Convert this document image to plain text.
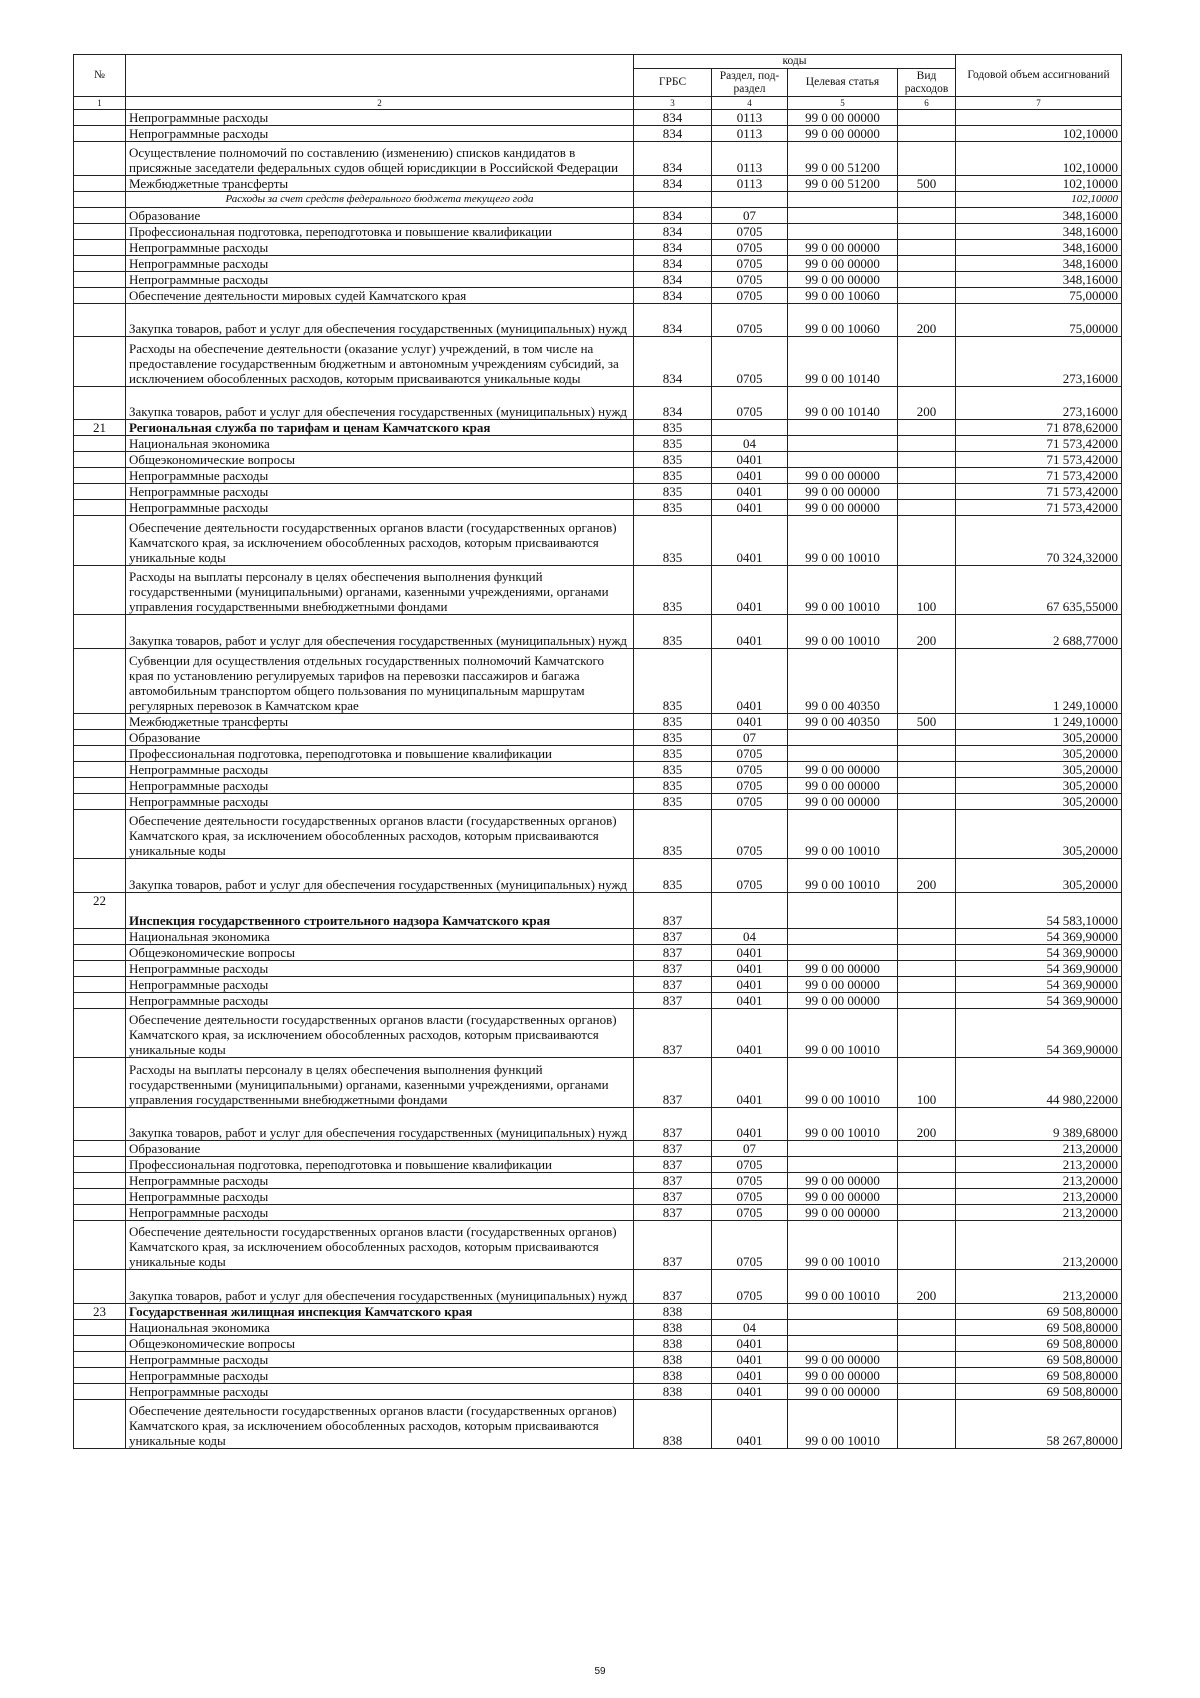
№		коды				Годовой объем ассигнований
		ГРБС	Раздел, под-раздел	Целевая статья	Вид расходов	
1	2	3	4	5	6	7
	Непрограммные расходы	834	0113	99 0 00 00000		
	Непрограммные расходы	834	0113	99 0 00 00000		102,10000
	Осуществление полномочий по составлению (изменению) списков кандидатов в присяжные заседатели федеральных судов общей юрисдикции в Российской Федерации	834	0113	99 0 00 51200		102,10000
	Межбюджетные трансферты	834	0113	99 0 00 51200	500	102,10000
	Расходы за счет средств федерального бюджета текущего года					102,10000
	Образование	834	07			348,16000
	Профессиональная подготовка, переподготовка и повышение квалификации	834	0705			348,16000
	Непрограммные расходы	834	0705	99 0 00 00000		348,16000
	Непрограммные расходы	834	0705	99 0 00 00000		348,16000
	Непрограммные расходы	834	0705	99 0 00 00000		348,16000
	Обеспечение деятельности мировых судей Камчатского края	834	0705	99 0 00 10060		75,00000
	Закупка товаров, работ и услуг для обеспечения государственных (муниципальных) нужд	834	0705	99 0 00 10060	200	75,00000
	Расходы на обеспечение деятельности (оказание услуг) учреждений, в том числе на предоставление государственным бюджетным и автономным учреждениям субсидий, за исключением обособленных расходов, которым присваиваются уникальные коды	834	0705	99 0 00 10140		273,16000
	Закупка товаров, работ и услуг для обеспечения государственных (муниципальных) нужд	834	0705	99 0 00 10140	200	273,16000
21	Региональная служба по тарифам и ценам Камчатского края	835				71 878,62000
	Национальная экономика	835	04			71 573,42000
	Общеэкономические вопросы	835	0401			71 573,42000
	Непрограммные расходы	835	0401	99 0 00 00000		71 573,42000
	Непрограммные расходы	835	0401	99 0 00 00000		71 573,42000
	Непрограммные расходы	835	0401	99 0 00 00000		71 573,42000
	Обеспечение деятельности государственных органов власти (государственных органов) Камчатского края, за исключением обособленных расходов, которым присваиваются уникальные коды	835	0401	99 0 00 10010		70 324,32000
	Расходы на выплаты персоналу в целях обеспечения выполнения функций государственными (муниципальными) органами, казенными учреждениями, органами управления государственными внебюджетными фондами	835	0401	99 0 00 10010	100	67 635,55000
	Закупка товаров, работ и услуг для обеспечения государственных (муниципальных) нужд	835	0401	99 0 00 10010	200	2 688,77000
	Субвенции для осуществления отдельных государственных полномочий Камчатского края по установлению регулируемых тарифов на перевозки пассажиров и багажа автомобильным транспортом общего пользования по муниципальным маршрутам регулярных перевозок в Камчатском крае	835	0401	99 0 00 40350		1 249,10000
	Межбюджетные трансферты	835	0401	99 0 00 40350	500	1 249,10000
	Образование	835	07			305,20000
	Профессиональная подготовка, переподготовка и повышение квалификации	835	0705			305,20000
	Непрограммные расходы	835	0705	99 0 00 00000		305,20000
	Непрограммные расходы	835	0705	99 0 00 00000		305,20000
	Непрограммные расходы	835	0705	99 0 00 00000		305,20000
	Обеспечение деятельности государственных органов власти (государственных органов) Камчатского края, за исключением обособленных расходов, которым присваиваются уникальные коды	835	0705	99 0 00 10010		305,20000
	Закупка товаров, работ и услуг для обеспечения государственных (муниципальных) нужд	835	0705	99 0 00 10010	200	305,20000
22	Инспекция государственного строительного надзора Камчатского края	837				54 583,10000
	Национальная экономика	837	04			54 369,90000
	Общеэкономические вопросы	837	0401			54 369,90000
	Непрограммные расходы	837	0401	99 0 00 00000		54 369,90000
	Непрограммные расходы	837	0401	99 0 00 00000		54 369,90000
	Непрограммные расходы	837	0401	99 0 00 00000		54 369,90000
	Обеспечение деятельности государственных органов власти (государственных органов) Камчатского края, за исключением обособленных расходов, которым присваиваются уникальные коды	837	0401	99 0 00 10010		54 369,90000
	Расходы на выплаты персоналу в целях обеспечения выполнения функций государственными (муниципальными) органами, казенными учреждениями, органами управления государственными внебюджетными фондами	837	0401	99 0 00 10010	100	44 980,22000
	Закупка товаров, работ и услуг для обеспечения государственных (муниципальных) нужд	837	0401	99 0 00 10010	200	9 389,68000
	Образование	837	07			213,20000
	Профессиональная подготовка, переподготовка и повышение квалификации	837	0705			213,20000
	Непрограммные расходы	837	0705	99 0 00 00000		213,20000
	Непрограммные расходы	837	0705	99 0 00 00000		213,20000
	Непрограммные расходы	837	0705	99 0 00 00000		213,20000
	Обеспечение деятельности государственных органов власти (государственных органов) Камчатского края, за исключением обособленных расходов, которым присваиваются уникальные коды	837	0705	99 0 00 10010		213,20000
	Закупка товаров, работ и услуг для обеспечения государственных (муниципальных) нужд	837	0705	99 0 00 10010	200	213,20000
23	Государственная жилищная инспекция Камчатского края	838				69 508,80000
	Национальная экономика	838	04			69 508,80000
	Общеэкономические вопросы	838	0401			69 508,80000
	Непрограммные расходы	838	0401	99 0 00 00000		69 508,80000
	Непрограммные расходы	838	0401	99 0 00 00000		69 508,80000
	Непрограммные расходы	838	0401	99 0 00 00000		69 508,80000
	Обеспечение деятельности государственных органов власти (государственных органов) Камчатского края, за исключением обособленных расходов, которым присваиваются уникальные коды	838	0401	99 0 00 10010		58 267,80000
59
